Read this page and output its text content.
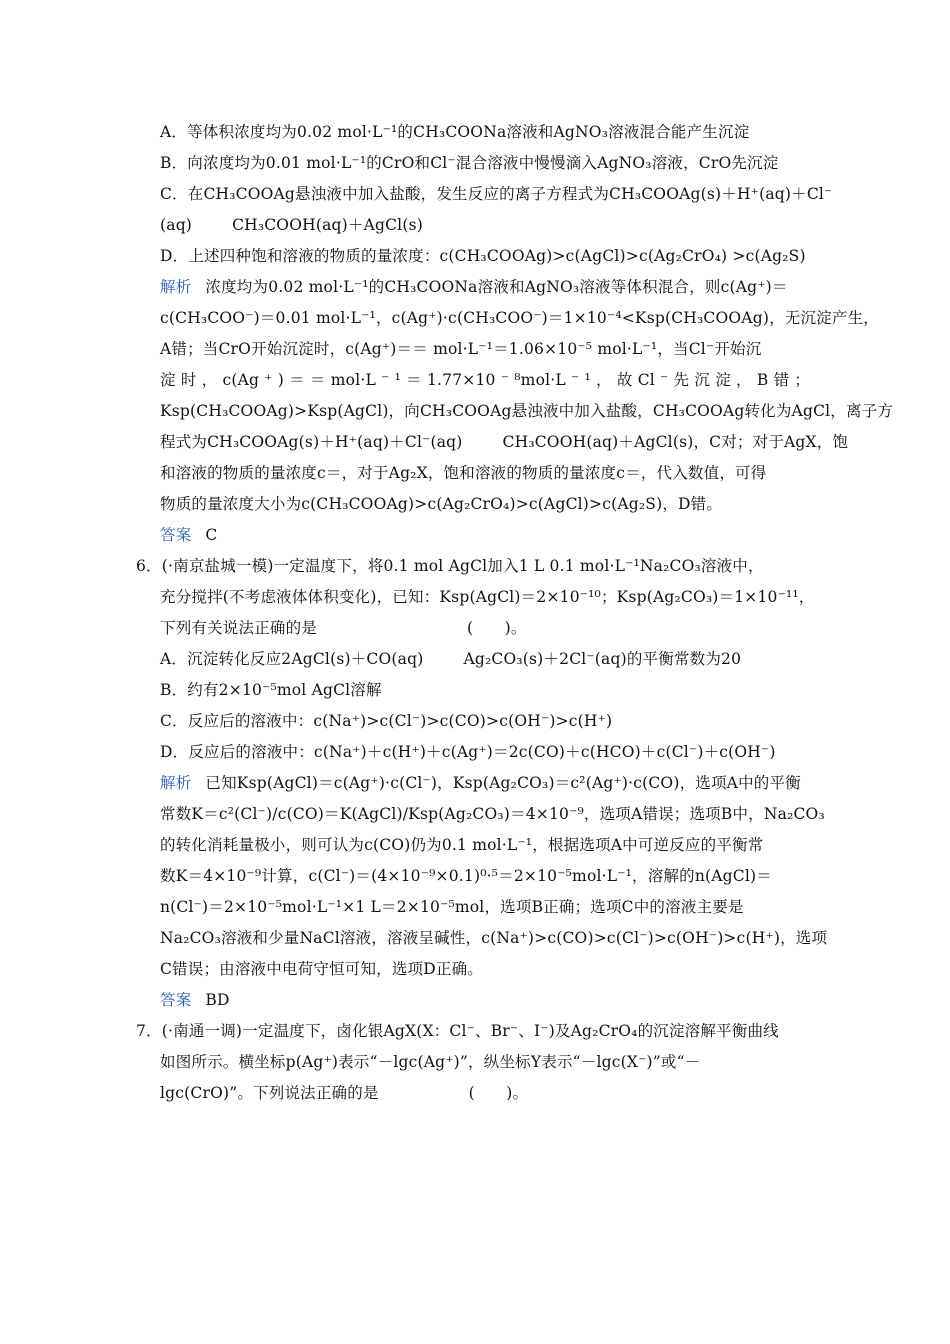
A．等体积浓度均为0.02 mol·L⁻¹的CH₃COONa溶液和AgNO₃溶液混合能产生沉淀
B．向浓度均为0.01 mol·L⁻¹的CrO和Cl⁻混合溶液中慢慢滴入AgNO₃溶液，CrO先沉淀
C．在CH₃COOAg悬浊液中加入盐酸，发生反应的离子方程式为CH₃COOAg(s)＋H⁺(aq)＋Cl⁻
(aq)	CH₃COOH(aq)＋AgCl(s)
D．上述四种饱和溶液的物质的量浓度：c(CH₃COOAg)>c(AgCl)>c(Ag₂CrO₄) >c(Ag₂S)
解析 浓度均为0.02 mol·L⁻¹的CH₃COONa溶液和AgNO₃溶液等体积混合，则c(Ag⁺)＝
c(CH₃COO⁻)＝0.01 mol·L⁻¹，c(Ag⁺)·c(CH₃COO⁻)＝1×10⁻⁴<Ksp(CH₃COOAg)，无沉淀产生，
A错；当CrO开始沉淀时，c(Ag⁺)＝＝ mol·L⁻¹＝1.06×10⁻⁵ mol·L⁻¹，当Cl⁻开始沉
淀 时 ， c(Ag ⁺ ) ＝ ＝ mol·L ⁻ ¹ ＝ 1.77×10 ⁻ ⁸mol·L ⁻ ¹ ， 故 Cl ⁻ 先 沉 淀 ， B 错 ；
Ksp(CH₃COOAg)>Ksp(AgCl)，向CH₃COOAg悬浊液中加入盐酸，CH₃COOAg转化为AgCl，离子方
程式为CH₃COOAg(s)＋H⁺(aq)＋Cl⁻(aq)	CH₃COOH(aq)＋AgCl(s)，C对；对于AgX，饱
和溶液的物质的量浓度c＝，对于Ag₂X，饱和溶液的物质的量浓度c＝，代入数值，可得
物质的量浓度大小为c(CH₃COOAg)>c(Ag₂CrO₄)>c(AgCl)>c(Ag₂S)，D错。
答案 C
6．(·南京盐城一模)一定温度下，将0.1 mol AgCl加入1 L 0.1 mol·L⁻¹Na₂CO₃溶液中，
充分搅拌(不考虑液体体积变化)，已知：Ksp(AgCl)＝2×10⁻¹⁰；Ksp(Ag₂CO₃)＝1×10⁻¹¹，
下列有关说法正确的是	(　　)。
A．沉淀转化反应2AgCl(s)＋CO(aq)	Ag₂CO₃(s)＋2Cl⁻(aq)的平衡常数为20
B．约有2×10⁻⁵mol AgCl溶解
C．反应后的溶液中：c(Na⁺)>c(Cl⁻)>c(CO)>c(OH⁻)>c(H⁺)
D．反应后的溶液中：c(Na⁺)＋c(H⁺)＋c(Ag⁺)＝2c(CO)＋c(HCO)＋c(Cl⁻)＋c(OH⁻)
解析 已知Ksp(AgCl)＝c(Ag⁺)·c(Cl⁻)，Ksp(Ag₂CO₃)＝c²(Ag⁺)·c(CO)，选项A中的平衡
常数K＝c²(Cl⁻)/c(CO)＝K(AgCl)/Ksp(Ag₂CO₃)＝4×10⁻⁹，选项A错误；选项B中，Na₂CO₃
的转化消耗量极小，则可认为c(CO)仍为0.1 mol·L⁻¹，根据选项A中可逆反应的平衡常
数K＝4×10⁻⁹计算，c(Cl⁻)＝(4×10⁻⁹×0.1)⁰·⁵＝2×10⁻⁵mol·L⁻¹，溶解的n(AgCl)＝
n(Cl⁻)＝2×10⁻⁵mol·L⁻¹×1 L＝2×10⁻⁵mol，选项B正确；选项C中的溶液主要是
Na₂CO₃溶液和少量NaCl溶液，溶液呈碱性，c(Na⁺)>c(CO)>c(Cl⁻)>c(OH⁻)>c(H⁺)，选项
C错误；由溶液中电荷守恒可知，选项D正确。
答案 BD
7．(·南通一调)一定温度下，卤化银AgX(X：Cl⁻、Br⁻、I⁻)及Ag₂CrO₄的沉淀溶解平衡曲线
如图所示。横坐标p(Ag⁺)表示“－lgc(Ag⁺)”，纵坐标Y表示“－lgc(X⁻)”或“－
lgc(CrO)”。下列说法正确的是	(　　)。
